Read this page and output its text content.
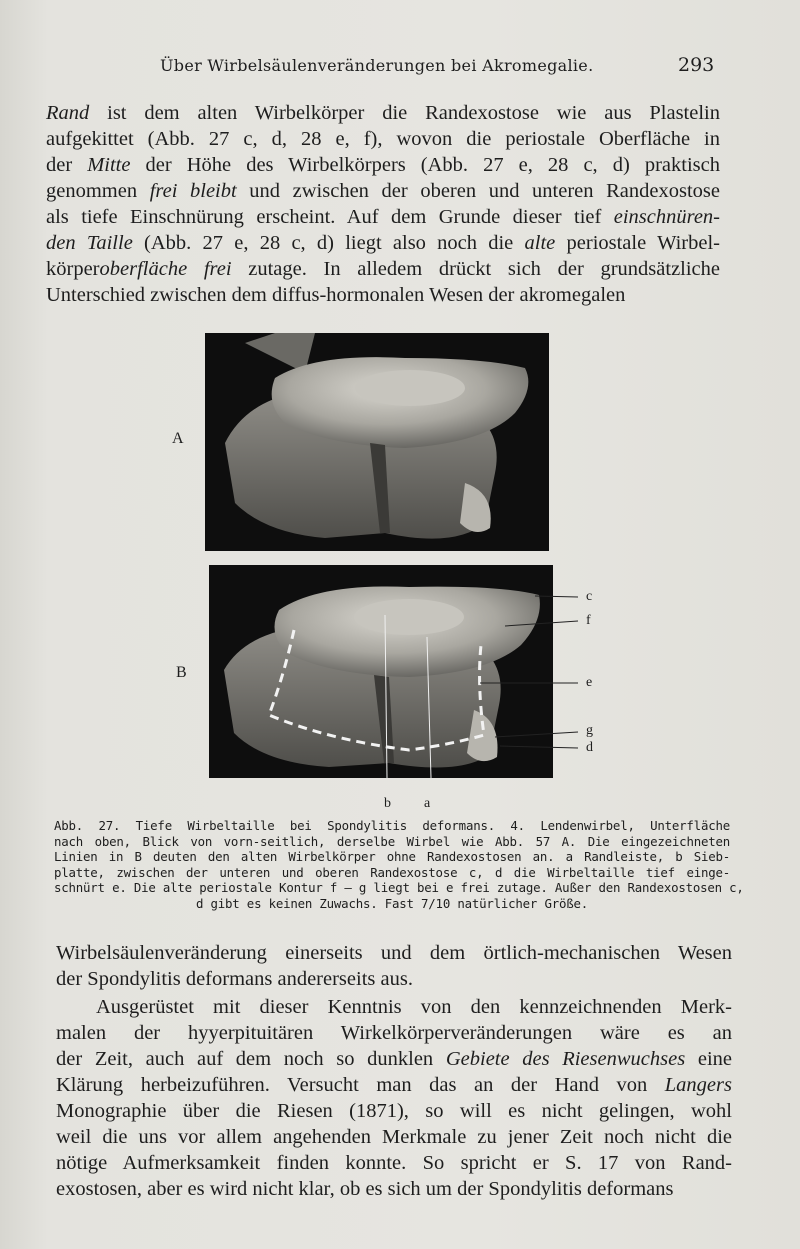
Über Wirbelsäulenveränderungen bei Akromegalie.	293
Rand ist dem alten Wirbelkörper die Randexostose wie aus Plastelin
aufgekittet (Abb. 27 c, d, 28 e, f), wovon die periostale Oberfläche in
der Mitte der Höhe des Wirbelkörpers (Abb. 27 e, 28 c, d) praktisch
genommen frei bleibt und zwischen der oberen und unteren Randexostose
als tiefe Einschnürung erscheint. Auf dem Grunde dieser tief einschnüren-
den Taille (Abb. 27 e, 28 c, d) liegt also noch die alte periostale Wirbel-
körperoberfläche frei zutage. In alledem drückt sich der grundsätzliche
Unterschied zwischen dem diffus-hormonalen Wesen der akromegalen
A
B
c
f
e
g
d
b a
Abb. 27. Tiefe Wirbeltaille bei Spondylitis deformans. 4. Lendenwirbel, Unterfläche
nach oben, Blick von vorn-seitlich, derselbe Wirbel wie Abb. 57 A. Die eingezeichneten
Linien in B deuten den alten Wirbelkörper ohne Randexostosen an. a Randleiste, b Sieb-
platte, zwischen der unteren und oberen Randexostose c, d die Wirbeltaille tief einge-
schnürt e. Die alte periostale Kontur f – g liegt bei e frei zutage. Außer den Randexostosen c,
d gibt es keinen Zuwachs. Fast 7/10 natürlicher Größe.
Wirbelsäulenveränderung einerseits und dem örtlich-mechanischen Wesen
der Spondylitis deformans andererseits aus.
Ausgerüstet mit dieser Kenntnis von den kennzeichnenden Merk-
malen der hyyerpituitären Wirkelkörperveränderungen wäre es an
der Zeit, auch auf dem noch so dunklen Gebiete des Riesenwuchses eine
Klärung herbeizuführen. Versucht man das an der Hand von Langers
Monographie über die Riesen (1871), so will es nicht gelingen, wohl
weil die uns vor allem angehenden Merkmale zu jener Zeit noch nicht die
nötige Aufmerksamkeit finden konnte. So spricht er S. 17 von Rand-
exostosen, aber es wird nicht klar, ob es sich um der Spondylitis deformans
